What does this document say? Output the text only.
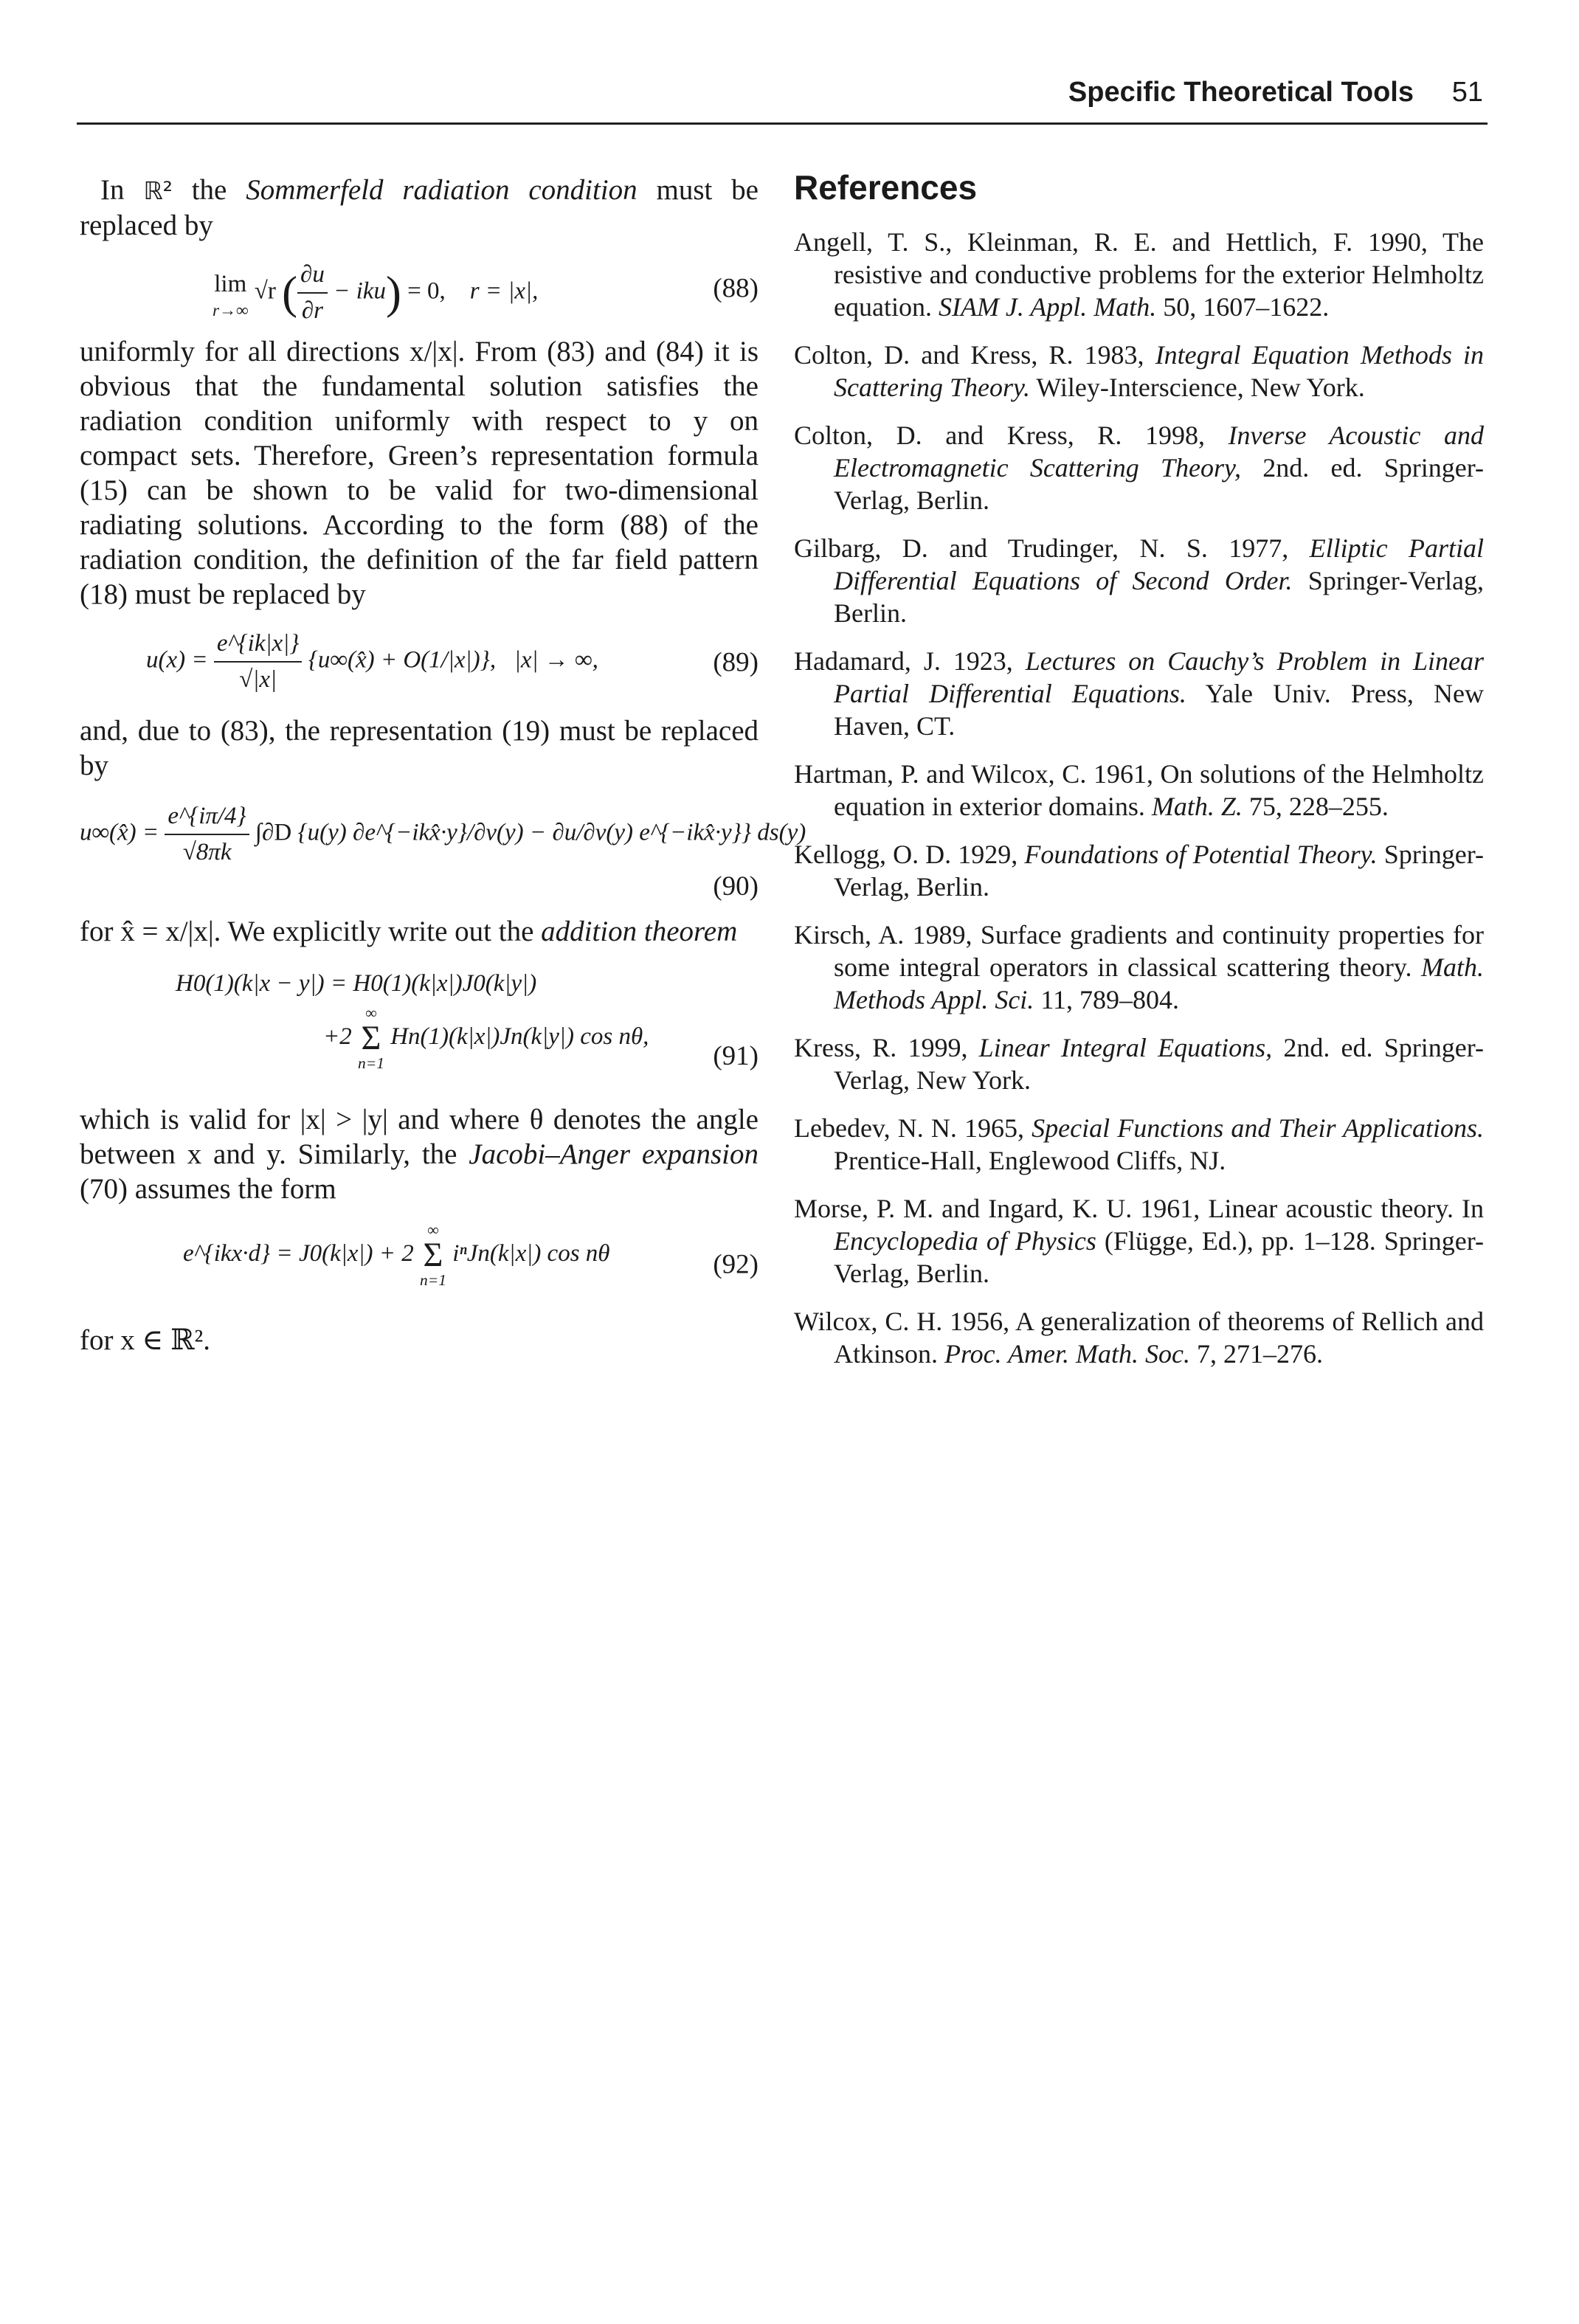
Specific Theoretical Tools 51

In ℝ² the Sommerfeld radiation condition must be replaced by

lim
r→∞
√r ( $\frac{\partial u}{\partial r} - iku) = 0$, r = |x|,	(88)

uniformly for all directions x/|x|. From (83) and (84) it is obvious that the fundamental solution satisfies the radiation condition uniformly with respect to y on compact sets. Therefore, Green’s representation formula (15) can be shown to be valid for two-dimensional radiating solutions. According to the form (88) of the radiation condition, the definition of the far field pattern (18) must be replaced by

$u(x) = \frac{e\^{}\{ik|x|\}}{√|x|}$ {u∞(x̂) + O(1/|x|)}, |x| → ∞,	(89)

and, due to (83), the representation (19) must be replaced by

u∞(x̂) = $\frac{e\^{}\{i\pi/4\}}{√8\pi k} \int\partial D$ {u(y) ∂e^{−ikx̂·y}/∂ν(y) − ∂u/∂ν(y) e^{−ikx̂·y}} ds(y)
(90)

for x̂ = x/|x|. We explicitly write out the addition theorem

H0(1)(k|x − y|) = H0(1)(k|x|)J0(k|y|)
+2
∞
Σ
n=1
Hn(1)(k|x|)Jn(k|y|) cos nθ,
(91)

which is valid for |x| > |y| and where θ denotes the angle between x and y. Similarly, the Jacobi–Anger expansion (70) assumes the form

e^{ikx·d} = J0(k|x|) + 2
∞
Σ
n=1
iⁿJn(k|x|) cos nθ	(92)

for x ∈ ℝ².

References

Angell, T. S., Kleinman, R. E. and Hettlich, F. 1990, The resistive and conductive problems for the exterior Helmholtz equation. SIAM J. Appl. Math. 50, 1607–1622.

Colton, D. and Kress, R. 1983, Integral Equation Methods in Scattering Theory. Wiley-Interscience, New York.

Colton, D. and Kress, R. 1998, Inverse Acoustic and Electromagnetic Scattering Theory, 2nd. ed. Springer-Verlag, Berlin.

Gilbarg, D. and Trudinger, N. S. 1977, Elliptic Partial Differential Equations of Second Order. Springer-Verlag, Berlin.

Hadamard, J. 1923, Lectures on Cauchy’s Problem in Linear Partial Differential Equations. Yale Univ. Press, New Haven, CT.

Hartman, P. and Wilcox, C. 1961, On solutions of the Helmholtz equation in exterior domains. Math. Z. 75, 228–255.

Kellogg, O. D. 1929, Foundations of Potential Theory. Springer-Verlag, Berlin.

Kirsch, A. 1989, Surface gradients and continuity properties for some integral operators in classical scattering theory. Math. Methods Appl. Sci. 11, 789–804.

Kress, R. 1999, Linear Integral Equations, 2nd. ed. Springer-Verlag, New York.

Lebedev, N. N. 1965, Special Functions and Their Applications. Prentice-Hall, Englewood Cliffs, NJ.

Morse, P. M. and Ingard, K. U. 1961, Linear acoustic theory. In Encyclopedia of Physics (Flügge, Ed.), pp. 1–128. Springer-Verlag, Berlin.

Wilcox, C. H. 1956, A generalization of theorems of Rellich and Atkinson. Proc. Amer. Math. Soc. 7, 271–276.
